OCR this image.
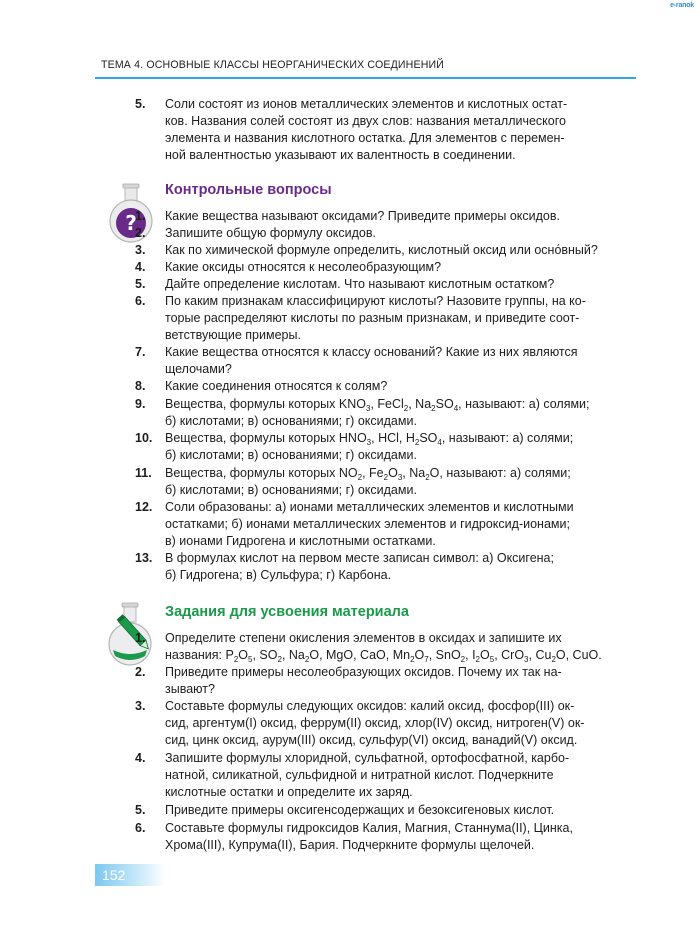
e-ranok
ТЕМА 4. ОСНОВНЫЕ КЛАССЫ НЕОРГАНИЧЕСКИХ СОЕДИНЕНИЙ
5. Соли состоят из ионов металлических элементов и кислотных остат-
ков. Названия солей состоят из двух слов: названия металлического
элемента и названия кислотного остатка. Для элементов с перемен-
ной валентностью указывают их валентность в соединении.
?
Контрольные вопросы
1. Какие вещества называют оксидами? Приведите примеры оксидов.
2. Запишите общую формулу оксидов.
3. Как по химической формуле определить, кислотный оксид или осно́вный?
4. Какие оксиды относятся к несолеобразующим?
5. Дайте определение кислотам. Что называют кислотным остатком?
6. По каким признакам классифицируют кислоты? Назовите группы, на ко-
торые распределяют кислоты по разным признакам, и приведите соот-
ветствующие примеры.
7. Какие вещества относятся к классу оснований? Какие из них являются
щелочами?
8. Какие соединения относятся к солям?
9. Вещества, формулы которых $KNO_3$, FeCl$_2$, $Na_2SO_4$, называют: а) солями;
б) кислотами; в) основаниями; г) оксидами.
10. Вещества, формулы которых $HNO_3$, HCl, $H_2SO_4$, называют: а) солями;
б) кислотами; в) основаниями; г) оксидами.
11. Вещества, формулы которых $NO_2$, $Fe_2O_3$, $Na_2O$, называют: а) солями;
б) кислотами; в) основаниями; г) оксидами.
12. Соли образованы: а) ионами металлических элементов и кислотными
остатками; б) ионами металлических элементов и гидроксид-ионами;
в) ионами Гидрогена и кислотными остатками.
13. В формулах кислот на первом месте записан символ: а) Оксигена;
б) Гидрогена; в) Сульфура; г) Карбона.
Задания для усвоения материала
1. Определите степени окисления элементов в оксидах и запишите их
названия: $P_2O_5$, $SO_2$, $Na_2O$, MgO, CaO, $Mn_2O_7$, SnO$_2$, $I_2O_5$, CrO$_3$, $Cu_2O$, CuO.
2. Приведите примеры несолеобразующих оксидов. Почему их так на-
зывают?
3. Составьте формулы следующих оксидов: калий оксид, фосфор(III) ок-
сид, аргентум(I) оксид, феррум(II) оксид, хлор(IV) оксид, нитроген(V) ок-
сид, цинк оксид, аурум(III) оксид, сульфур(VI) оксид, ванадий(V) оксид.
4. Запишите формулы хлоридной, сульфатной, ортофосфатной, карбо-
натной, силикатной, сульфидной и нитратной кислот. Подчеркните
кислотные остатки и определите их заряд.
5. Приведите примеры оксигенсодержащих и безоксигеновых кислот.
6. Составьте формулы гидроксидов Калия, Магния, Станнума(II), Цинка,
Хрома(III), Купрума(II), Бария. Подчеркните формулы щелочей.
152
